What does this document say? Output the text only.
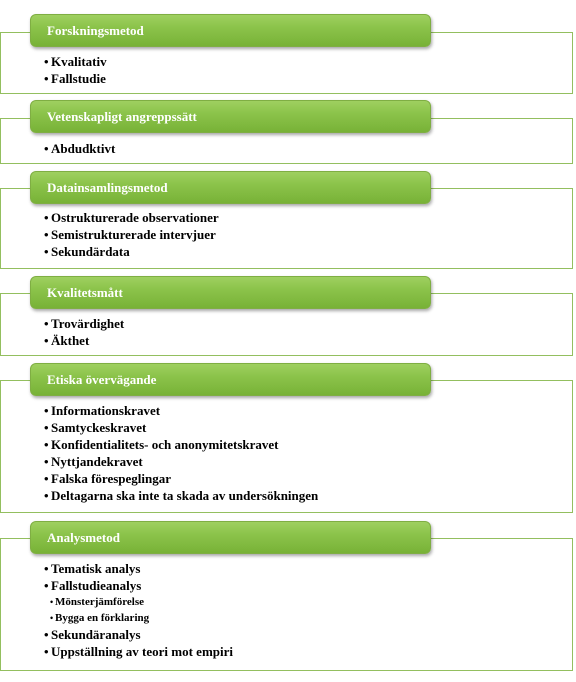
Forskningsmetod
• Kvalitativ
• Fallstudie
Vetenskapligt angreppssätt
• Abdudktivt
Datainsamlingsmetod
• Ostrukturerade observationer
• Semistrukturerade intervjuer
• Sekundärdata
Kvalitetsmått
• Trovärdighet
• Äkthet
Etiska övervägande
• Informationskravet
• Samtyckeskravet
• Konfidentialitets- och anonymitetskravet
• Nyttjandekravet
• Falska förespeglingar
• Deltagarna ska inte ta skada av undersökningen
Analysmetod
• Tematisk analys
• Fallstudieanalys
• Mönsterjämförelse
• Bygga en förklaring
• Sekundäranalys
• Uppställning av teori mot empiri
